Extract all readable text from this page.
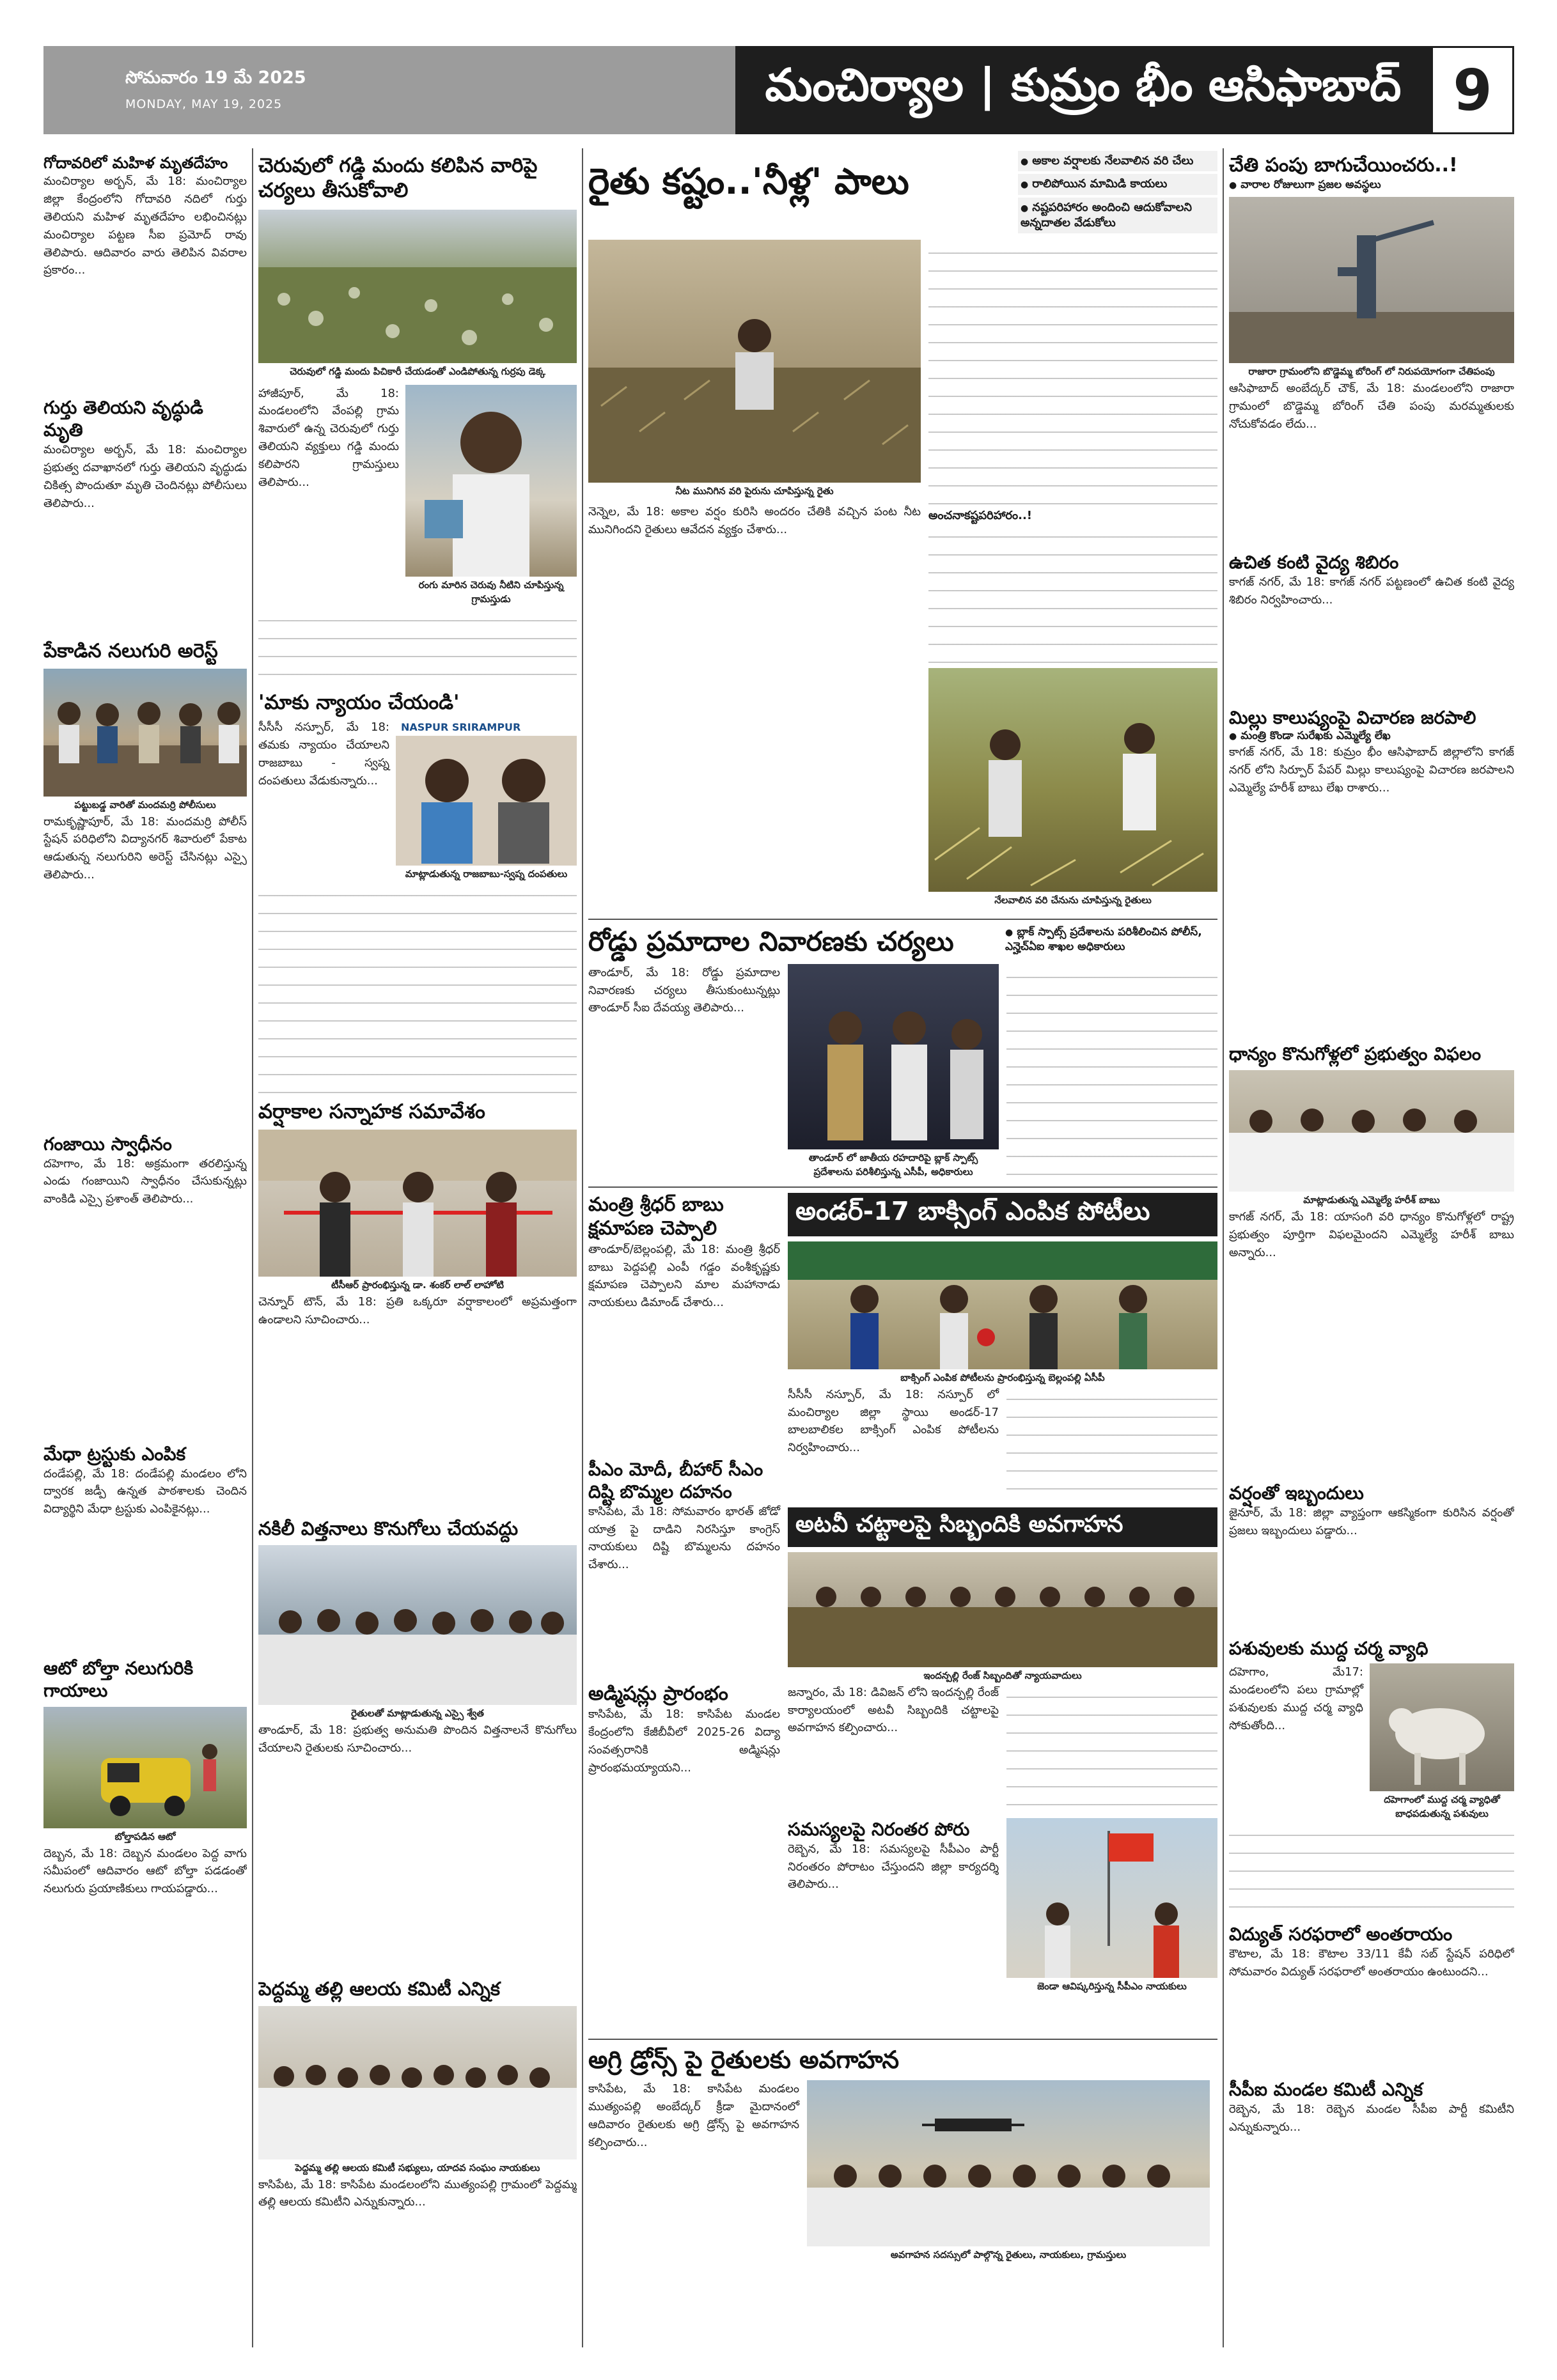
సోమవారం 19 మే 2025
MONDAY, MAY 19, 2025	మంచిర్యాల | కుమ్రం భీం ఆసిఫాబాద్ 9
గోదావరిలో మహిళ మృతదేహం
మంచిర్యాల అర్బన్, మే 18: మంచిర్యాల జిల్లా కేంద్రంలోని గోదావరి నదిలో గుర్తు తెలియని మహిళ మృతదేహం లభించినట్లు మంచిర్యాల పట్టణ సీఐ ప్రమోద్ రావు తెలిపారు. ఆదివారం వారు తెలిపిన వివరాల ప్రకారం...
గుర్తు తెలియని వృద్ధుడి మృతి
మంచిర్యాల అర్బన్, మే 18: మంచిర్యాల ప్రభుత్వ దవాఖానలో గుర్తు తెలియని వృద్ధుడు చికిత్స పొందుతూ మృతి చెందినట్లు పోలీసులు తెలిపారు...
పేకాడిన నలుగురి అరెస్ట్
పట్టుబడ్డ వారితో మందమర్రి పోలీసులు
రామకృష్ణాపూర్, మే 18: మందమర్రి పోలీస్ స్టేషన్ పరిధిలోని విద్యానగర్ శివారులో పేకాట ఆడుతున్న నలుగురిని అరెస్ట్ చేసినట్లు ఎస్సై తెలిపారు...
గంజాయి స్వాధీనం
దహెగాం, మే 18: అక్రమంగా తరలిస్తున్న ఎండు గంజాయిని స్వాధీనం చేసుకున్నట్లు వాంకిడి ఎస్సై ప్రశాంత్ తెలిపారు...
మేధా ట్రస్టుకు ఎంపిక
దండేపల్లి, మే 18: దండేపల్లి మండలం లోని ద్వారక జడ్పీ ఉన్నత పాఠశాలకు చెందిన విద్యార్థిని మేధా ట్రస్టుకు ఎంపికైనట్లు...
ఆటో బోల్తా నలుగురికి గాయాలు
బోల్తాపడిన ఆటో
దెబ్బన, మే 18: దెబ్బన మండలం పెద్ద వాగు సమీపంలో ఆదివారం ఆటో బోల్తా పడడంతో నలుగురు ప్రయాణికులు గాయపడ్డారు...
చెరువులో గడ్డి మందు కలిపిన వారిపై చర్యలు తీసుకోవాలి
చెరువులో గడ్డి మందు పిచికారీ చేయడంతో ఎండిపోతున్న గుర్రపు డెక్క
హాజీపూర్, మే 18: మండలంలోని వేంపల్లి గ్రామ శివారులో ఉన్న చెరువులో గుర్తు తెలియని వ్యక్తులు గడ్డి మందు కలిపారని గ్రామస్తులు తెలిపారు...
రంగు మారిన చెరువు నీటిని చూపిస్తున్న గ్రామస్తుడు
'మాకు న్యాయం చేయండి'
సీసీసీ నస్పూర్, మే 18: తమకు న్యాయం చేయాలని రాజబాబు - స్వప్న దంపతులు వేడుకున్నారు...
NASPUR SRIRAMPUR
మాట్లాడుతున్న రాజబాబు-స్వప్న దంపతులు
వర్షాకాల సన్నాహక సమావేశం
టీసీఆర్ ప్రారంభిస్తున్న డా. శంకర్ లాల్ లాహోటి
చెన్నూర్ టౌన్, మే 18: ప్రతి ఒక్కరూ వర్షాకాలంలో అప్రమత్తంగా ఉండాలని సూచించారు...
నకిలీ విత్తనాలు కొనుగోలు చేయవద్దు
రైతులతో మాట్లాడుతున్న ఎస్సై శ్వేత
తాండూర్, మే 18: ప్రభుత్వ అనుమతి పొందిన విత్తనాలనే కొనుగోలు చేయాలని రైతులకు సూచించారు...
పెద్దమ్మ తల్లి ఆలయ కమిటీ ఎన్నిక
పెద్దమ్మ తల్లి ఆలయ కమిటీ సభ్యులు, యాదవ సంఘం నాయకులు
కాసిపేట, మే 18: కాసిపేట మండలంలోని ముత్యంపల్లి గ్రామంలో పెద్దమ్మ తల్లి ఆలయ కమిటీని ఎన్నుకున్నారు...
రైతు కష్టం..'నీళ్ల' పాలు
● అకాల వర్షాలకు నేలవాలిన వరి చేలు
● రాలిపోయిన మామిడి కాయలు
● నష్టపరిహారం అందించి ఆదుకోవాలని అన్నదాతల వేడుకోలు
నీట మునిగిన వరి పైరును చూపిస్తున్న రైతు
నెన్నెల, మే 18: అకాల వర్షం కురిసి అందరం చేతికి వచ్చిన పంట నీట మునిగిందని రైతులు ఆవేదన వ్యక్తం చేశారు...
అంచనాకష్టపరిహారం..!
నేలవాలిన వరి చేనును చూపిస్తున్న రైతులు
రోడ్డు ప్రమాదాల నివారణకు చర్యలు
●	బ్లాక్ స్పాట్స్ ప్రదేశాలను పరిశీలించిన పోలీస్, ఎన్హెచ్ఏఐ శాఖల అధికారులు
తాండూర్, మే 18: రోడ్డు ప్రమాదాల నివారణకు చర్యలు తీసుకుంటున్నట్లు తాండూర్ సీఐ దేవయ్య తెలిపారు...
తాండూర్ లో జాతీయ రహదారిపై బ్లాక్ స్పాట్స్ ప్రదేశాలను పరిశీలిస్తున్న ఎసీపీ, అధికారులు
మంత్రి శ్రీధర్ బాబు క్షమాపణ చెప్పాలి
తాండూర్/బెల్లంపల్లి, మే 18: మంత్రి శ్రీధర్ బాబు పెద్దపల్లి ఎంపీ గడ్డం వంశీకృష్ణకు క్షమాపణ చెప్పాలని మాల మహానాడు నాయకులు డిమాండ్ చేశారు...
పీఎం మోదీ, బీహార్ సీఎం దిష్టి బొమ్మల దహనం
కాసిపేట, మే 18: సోమవారం భారత్ జోడో యాత్ర పై దాడిని నిరసిస్తూ కాంగ్రెస్ నాయకులు దిష్టి బొమ్మలను దహనం చేశారు...
అడ్మిషన్లు ప్రారంభం
కాసిపేట, మే 18: కాసిపేట మండల కేంద్రంలోని కేజీబీవీలో 2025-26 విద్యా సంవత్సరానికి అడ్మిషన్లు ప్రారంభమయ్యాయని...
అండర్-17 బాక్సింగ్ ఎంపిక పోటీలు
బాక్సింగ్ ఎంపిక పోటీలను ప్రారంభిస్తున్న బెల్లంపల్లి ఏసీపీ
సీసీసీ నస్పూర్, మే 18: నస్పూర్ లో మంచిర్యాల జిల్లా స్థాయి అండర్-17 బాలబాలికల బాక్సింగ్ ఎంపిక పోటీలను నిర్వహించారు...
అటవీ చట్టాలపై సిబ్బందికి అవగాహన
ఇందన్పల్లి రేంజ్ సిబ్బందితో న్యాయవాదులు
జన్నారం, మే 18: డివిజన్ లోని ఇందన్పల్లి రేంజ్ కార్యాలయంలో అటవీ సిబ్బందికి చట్టాలపై అవగాహన కల్పించారు...
సమస్యలపై నిరంతర పోరు
రెబ్బెన, మే 18: సమస్యలపై సీపీఎం పార్టీ నిరంతరం పోరాటం చేస్తుందని జిల్లా కార్యదర్శి తెలిపారు...
జెండా ఆవిష్కరిస్తున్న సీపీఎం నాయకులు
అగ్రి డ్రోన్స్ పై రైతులకు అవగాహన
కాసిపేట, మే 18: కాసిపేట మండలం ముత్యంపల్లి అంబేద్కర్ క్రీడా మైదానంలో ఆదివారం రైతులకు అగ్రి డ్రోన్స్ పై అవగాహన కల్పించారు...
అవగాహన సదస్సులో పాల్గొన్న రైతులు, నాయకులు, గ్రామస్తులు
చేతి పంపు బాగుచేయించరు..!
● వారాల రోజులుగా ప్రజల అవస్థలు
రాజారా గ్రామంలోని బొడ్డెమ్మ బోరింగ్ లో నిరుపయోగంగా చేతిపంపు
ఆసిఫాబాద్ అంబేద్కర్ చౌక్, మే 18: మండలంలోని రాజారా గ్రామంలో బొడ్డెమ్మ బోరింగ్ చేతి పంపు మరమ్మతులకు నోచుకోవడం లేదు...
ఉచిత కంటి వైద్య శిబిరం
కాగజ్ నగర్, మే 18: కాగజ్ నగర్ పట్టణంలో ఉచిత కంటి వైద్య శిబిరం నిర్వహించారు...
మిల్లు కాలుష్యంపై విచారణ జరపాలి
● మంత్రి కొండా సురేఖకు ఎమ్మెల్యే లేఖ
కాగజ్ నగర్, మే 18: కుమ్రం భీం ఆసిఫాబాద్ జిల్లాలోని కాగజ్ నగర్ లోని సిర్పూర్ పేపర్ మిల్లు కాలుష్యంపై విచారణ జరపాలని ఎమ్మెల్యే హరీశ్ బాబు లేఖ రాశారు...
ధాన్యం కొనుగోళ్లలో ప్రభుత్వం విఫలం
మాట్లాడుతున్న ఎమ్మెల్యే హరీశ్ బాబు
కాగజ్ నగర్, మే 18: యాసంగి వరి ధాన్యం కొనుగోళ్లలో రాష్ట్ర ప్రభుత్వం పూర్తిగా విఫలమైందని ఎమ్మెల్యే హరీశ్ బాబు అన్నారు...
వర్షంతో ఇబ్బందులు
జైనూర్, మే 18: జిల్లా వ్యాప్తంగా ఆకస్మికంగా కురిసిన వర్షంతో ప్రజలు ఇబ్బందులు పడ్డారు...
పశువులకు ముద్ద చర్మ వ్యాధి
దహెగాం, మే17: మండలంలోని పలు గ్రామాల్లో పశువులకు ముద్ద చర్మ వ్యాధి సోకుతోంది...
దహెగాంలో ముద్ద చర్మ వ్యాధితో బాధపడుతున్న పశువులు
విద్యుత్ సరఫరాలో అంతరాయం
కౌటాల, మే 18: కౌటాల 33/11 కేవీ సబ్ స్టేషన్ పరిధిలో సోమవారం విద్యుత్ సరఫరాలో అంతరాయం ఉంటుందని...
సీపీఐ మండల కమిటీ ఎన్నిక
రెబ్బెన, మే 18: రెబ్బెన మండల సీపీఐ పార్టీ కమిటీని ఎన్నుకున్నారు...
